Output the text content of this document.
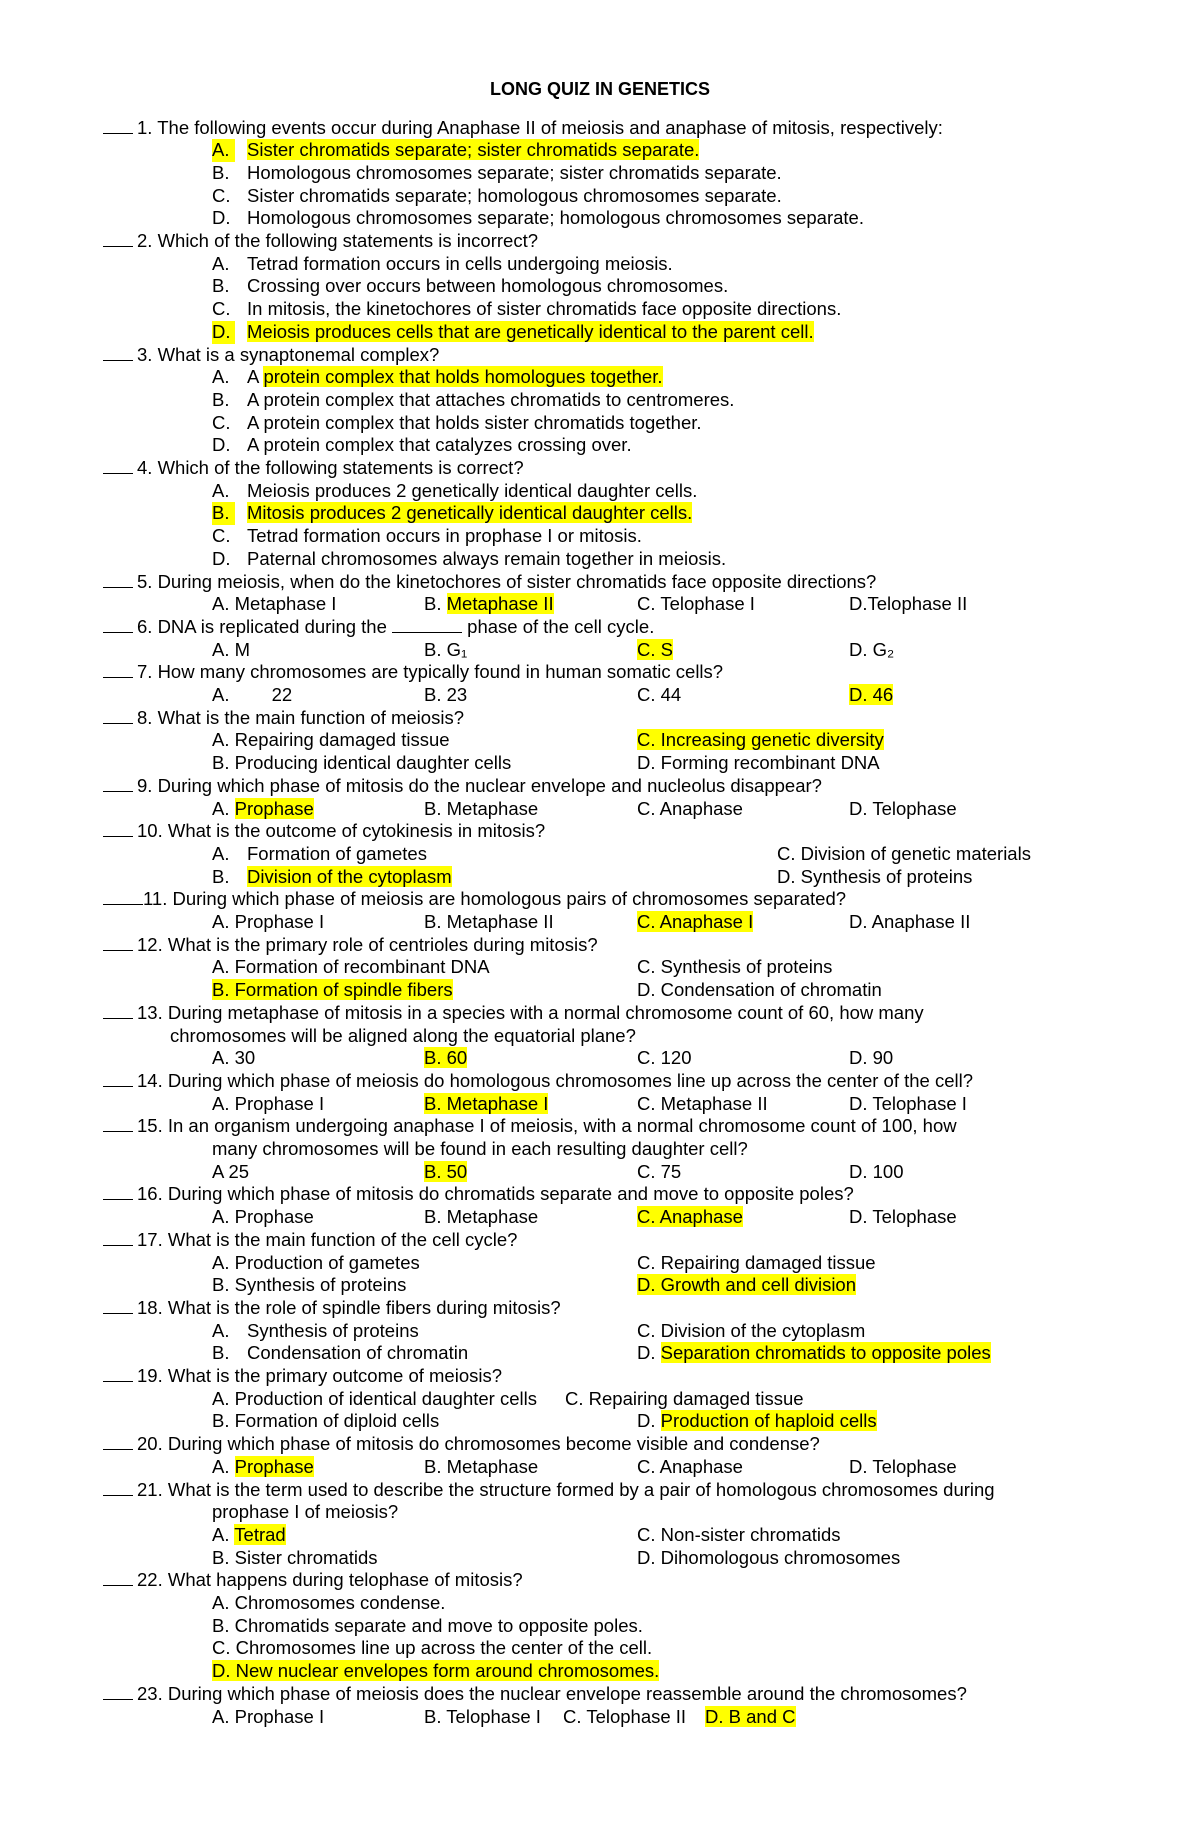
LONG QUIZ IN GENETICS
1. The following events occur during Anaphase II of meiosis and anaphase of mitosis, respectively:
A. Sister chromatids separate; sister chromatids separate.
B. Homologous chromosomes separate; sister chromatids separate.
C. Sister chromatids separate; homologous chromosomes separate.
D. Homologous chromosomes separate; homologous chromosomes separate.
2. Which of the following statements is incorrect?
A. Tetrad formation occurs in cells undergoing meiosis.
B. Crossing over occurs between homologous chromosomes.
C. In mitosis, the kinetochores of sister chromatids face opposite directions.
D. Meiosis produces cells that are genetically identical to the parent cell.
3. What is a synaptonemal complex?
A. A protein complex that holds homologues together.
B. A protein complex that attaches chromatids to centromeres.
C. A protein complex that holds sister chromatids together.
D. A protein complex that catalyzes crossing over.
4. Which of the following statements is correct?
A. Meiosis produces 2 genetically identical daughter cells.
B. Mitosis produces 2 genetically identical daughter cells.
C. Tetrad formation occurs in prophase I or mitosis.
D. Paternal chromosomes always remain together in meiosis.
5. During meiosis, when do the kinetochores of sister chromatids face opposite directions?
A. Metaphase I	B. Metaphase II	C. Telophase I	D.Telophase II
6. DNA is replicated during the	phase of the cell cycle.
A. M	B. G₁	C. S	D. G₂
7. How many chromosomes are typically found in human somatic cells?
A.   22	B. 23	C. 44	D. 46
8. What is the main function of meiosis?
A. Repairing damaged tissue	C. Increasing genetic diversity
B. Producing identical daughter cells	D. Forming recombinant DNA
9. During which phase of mitosis do the nuclear envelope and nucleolus disappear?
A. Prophase	B. Metaphase	C. Anaphase	D. Telophase
10. What is the outcome of cytokinesis in mitosis?
A. Formation of gametes	C. Division of genetic materials
B. Division of the cytoplasm	D. Synthesis of proteins
11. During which phase of meiosis are homologous pairs of chromosomes separated?
A. Prophase I	B. Metaphase II	C. Anaphase I	D. Anaphase II
12. What is the primary role of centrioles during mitosis?
A. Formation of recombinant DNA	C. Synthesis of proteins
B. Formation of spindle fibers	D. Condensation of chromatin
13. During metaphase of mitosis in a species with a normal chromosome count of 60, how many
chromosomes will be aligned along the equatorial plane?
A. 30	B. 60	C. 120	D. 90
14. During which phase of meiosis do homologous chromosomes line up across the center of the cell?
A. Prophase I	B. Metaphase I	C. Metaphase II	D. Telophase I
15. In an organism undergoing anaphase I of meiosis, with a normal chromosome count of 100, how
many chromosomes will be found in each resulting daughter cell?
A 25	B. 50	C. 75	D. 100
16. During which phase of mitosis do chromatids separate and move to opposite poles?
A. Prophase	B. Metaphase	C. Anaphase	D. Telophase
17. What is the main function of the cell cycle?
A. Production of gametes	C. Repairing damaged tissue
B. Synthesis of proteins	D. Growth and cell division
18. What is the role of spindle fibers during mitosis?
A. Synthesis of proteins	C. Division of the cytoplasm
B. Condensation of chromatin	D. Separation chromatids to opposite poles
19. What is the primary outcome of meiosis?
A. Production of identical daughter cells C. Repairing damaged tissue
B. Formation of diploid cells	D. Production of haploid cells
20. During which phase of mitosis do chromosomes become visible and condense?
A. Prophase	B. Metaphase	C. Anaphase	D. Telophase
21. What is the term used to describe the structure formed by a pair of homologous chromosomes during
prophase I of meiosis?
A. Tetrad	C. Non-sister chromatids
B. Sister chromatids	D. Dihomologous chromosomes
22. What happens during telophase of mitosis?
A. Chromosomes condense.
B. Chromatids separate and move to opposite poles.
C. Chromosomes line up across the center of the cell.
D. New nuclear envelopes form around chromosomes.
23. During which phase of meiosis does the nuclear envelope reassemble around the chromosomes?
A. Prophase I	B. Telophase I C. Telophase II D. B and C
